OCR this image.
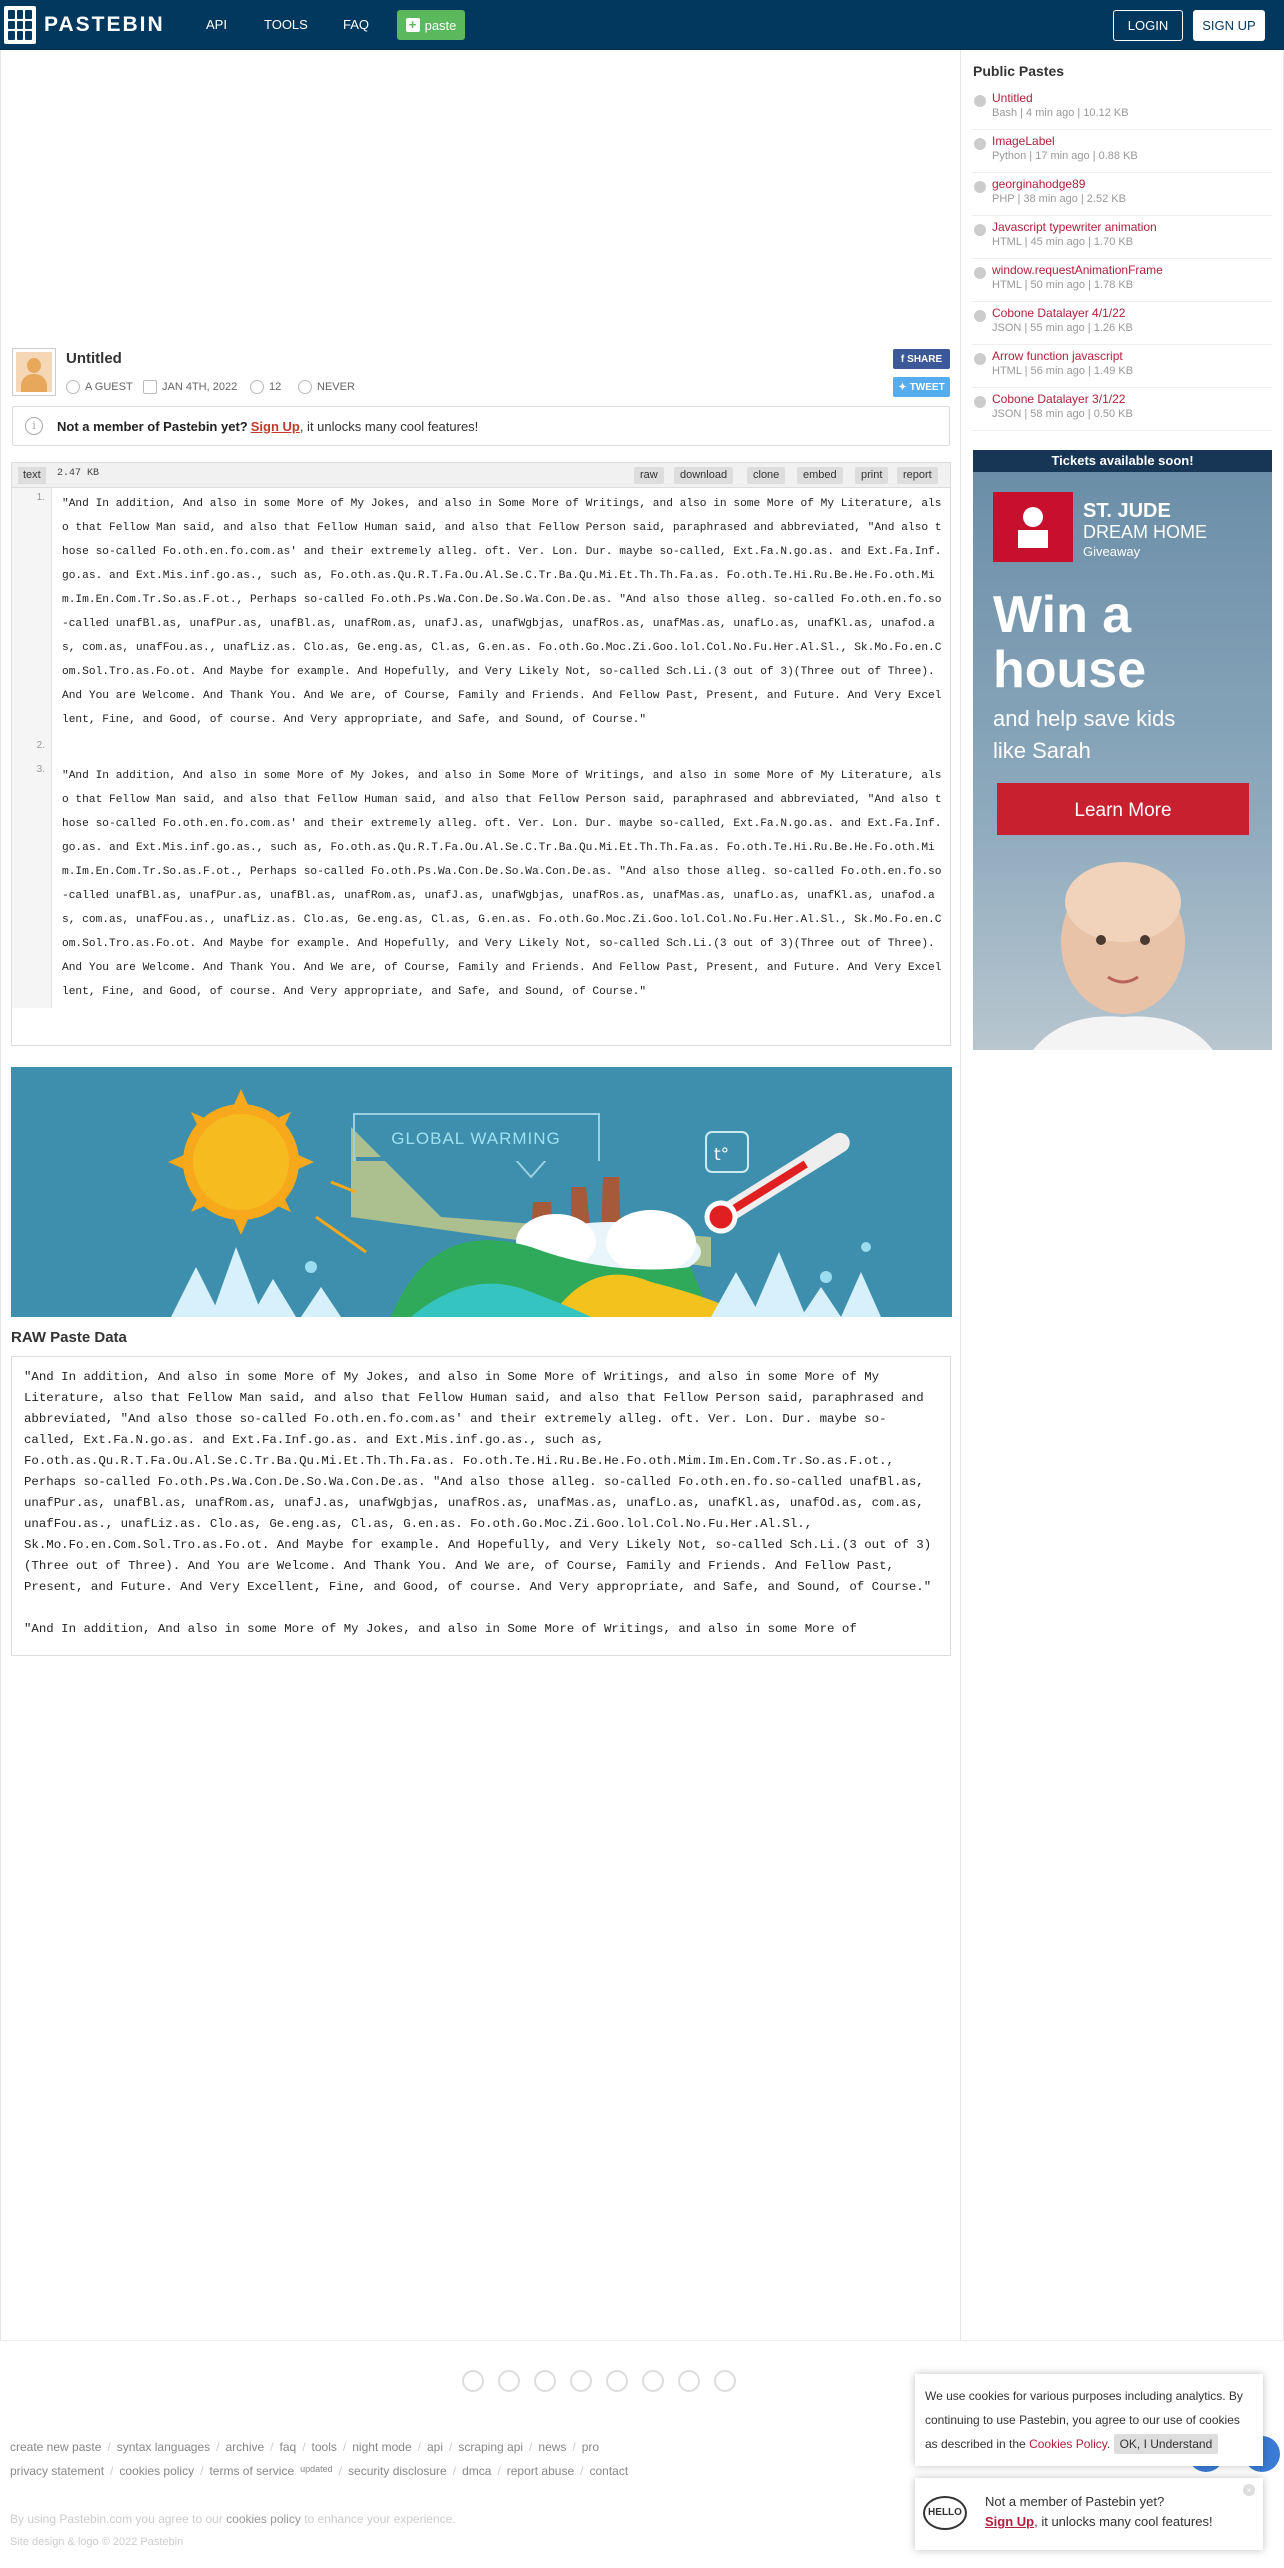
PASTEBIN	API	TOOLS	FAQ	+ paste	LOGIN	SIGN UP
Untitled
A GUEST	JAN 4TH, 2022	12	NEVER
f SHARE
✦ TWEET
i	Not a member of Pastebin yet? Sign Up , it unlocks many cool features!
text	2.47 KB	raw	download	clone	embed	print	report
1.
"And In addition, And also in some More of My Jokes, and also in Some More of Writings, and also in some More of My Literature, also that Fellow Man said, and also that Fellow Human said, and also that Fellow Person said, paraphrased and abbreviated, "And also those so-called Fo.oth.en.fo.com.as' and their extremely alleg. oft. Ver. Lon. Dur. maybe so-called, Ext.Fa.N.go.as. and Ext.Fa.Inf.go.as. and Ext.Mis.inf.go.as., such as, Fo.oth.as.Qu.R.T.Fa.Ou.Al.Se.C.Tr.Ba.Qu.Mi.Et.Th.Th.Fa.as. Fo.oth.Te.Hi.Ru.Be.He.Fo.oth.Mim.Im.En.Com.Tr.So.as.F.ot., Perhaps so-called Fo.oth.Ps.Wa.Con.De.So.Wa.Con.De.as. "And also those alleg. so-called Fo.oth.en.fo.so-called unafBl.as, unafPur.as, unafBl.as, unafRom.as, unafJ.as, unafWgbjas, unafRos.as, unafMas.as, unafLo.as, unafKl.as, unafod.as, com.as, unafFou.as., unafLiz.as. Clo.as, Ge.eng.as, Cl.as, G.en.as. Fo.oth.Go.Moc.Zi.Goo.lol.Col.No.Fu.Her.Al.Sl., Sk.Mo.Fo.en.Com.Sol.Tro.as.Fo.ot. And Maybe for example. And Hopefully, and Very Likely Not, so-called Sch.Li.(3 out of 3)(Three out of Three). And You are Welcome. And Thank You. And We are, of Course, Family and Friends. And Fellow Past, Present, and Future. And Very Excellent, Fine, and Good, of course. And Very appropriate, and Safe, and Sound, of Course."
2.
3.
"And In addition, And also in some More of My Jokes, and also in Some More of Writings, and also in some More of My Literature, also that Fellow Man said, and also that Fellow Human said, and also that Fellow Person said, paraphrased and abbreviated, "And also those so-called Fo.oth.en.fo.com.as' and their extremely alleg. oft. Ver. Lon. Dur. maybe so-called, Ext.Fa.N.go.as. and Ext.Fa.Inf.go.as. and Ext.Mis.inf.go.as., such as, Fo.oth.as.Qu.R.T.Fa.Ou.Al.Se.C.Tr.Ba.Qu.Mi.Et.Th.Th.Fa.as. Fo.oth.Te.Hi.Ru.Be.He.Fo.oth.Mim.Im.En.Com.Tr.So.as.F.ot., Perhaps so-called Fo.oth.Ps.Wa.Con.De.So.Wa.Con.De.as. "And also those alleg. so-called Fo.oth.en.fo.so-called unafBl.as, unafPur.as, unafBl.as, unafRom.as, unafJ.as, unafWgbjas, unafRos.as, unafMas.as, unafLo.as, unafKl.as, unafod.as, com.as, unafFou.as., unafLiz.as. Clo.as, Ge.eng.as, Cl.as, G.en.as. Fo.oth.Go.Moc.Zi.Goo.lol.Col.No.Fu.Her.Al.Sl., Sk.Mo.Fo.en.Com.Sol.Tro.as.Fo.ot. And Maybe for example. And Hopefully, and Very Likely Not, so-called Sch.Li.(3 out of 3)(Three out of Three). And You are Welcome. And Thank You. And We are, of Course, Family and Friends. And Fellow Past, Present, and Future. And Very Excellent, Fine, and Good, of course. And Very appropriate, and Safe, and Sound, of Course."
GLOBAL WARMING
t°
RAW Paste Data

"And In addition, And also in some More of My Jokes, and also in Some More of Writings, and also in some More of My Literature, also that Fellow Man said, and also that Fellow Human said, and also that Fellow Person said, paraphrased and abbreviated, "And also those so-called Fo.oth.en.fo.com.as' and their extremely alleg. oft. Ver. Lon. Dur. maybe so-called, Ext.Fa.N.go.as. and Ext.Fa.Inf.go.as. and Ext.Mis.inf.go.as., such as, Fo.oth.as.Qu.R.T.Fa.Ou.Al.Se.C.Tr.Ba.Qu.Mi.Et.Th.Th.Fa.as. Fo.oth.Te.Hi.Ru.Be.He.Fo.oth.Mim.Im.En.Com.Tr.So.as.F.ot., Perhaps so-called Fo.oth.Ps.Wa.Con.De.So.Wa.Con.De.as. "And also those alleg. so-called Fo.oth.en.fo.so-called unafBl.as, unafPur.as, unafBl.as, unafRom.as, unafJ.as, unafWgbjas, unafRos.as, unafMas.as, unafLo.as, unafKl.as, unafOd.as, com.as, unafFou.as., unafLiz.as. Clo.as, Ge.eng.as, Cl.as, G.en.as. Fo.oth.Go.Moc.Zi.Goo.lol.Col.No.Fu.Her.Al.Sl., Sk.Mo.Fo.en.Com.Sol.Tro.as.Fo.ot. And Maybe for example. And Hopefully, and Very Likely Not, so-called Sch.Li.(3 out of 3)(Three out of Three). And You are Welcome. And Thank You. And We are, of Course, Family and Friends. And Fellow Past, Present, and Future. And Very Excellent, Fine, and Good, of course. And Very appropriate, and Safe, and Sound, of Course."

"And In addition, And also in some More of My Jokes, and also in Some More of Writings, and also in some More of

Public Pastes
Tickets available soon!
ST. JUDE
DREAM HOME
Giveaway
Win a
house
and help save kids
like Sarah
Learn More
create new paste / syntax languages / archive / faq / tools / night mode / api / scraping api / news / pro
privacy statement / cookies policy / terms of service updated / security disclosure / dmca / report abuse / contact
By using Pastebin.com you agree to our cookies policy to enhance your experience.
Site design & logo © 2022 Pastebin
We use cookies for various purposes including analytics. By continuing to use Pastebin, you agree to our use of cookies as described in the Cookies Policy. OK, I Understand
HELLO
Not a member of Pastebin yet?
Sign Up, it unlocks many cool features!
×
Untitled
Bash | 4 min ago | 10.12 KB
ImageLabel
Python | 17 min ago | 0.88 KB
georginahodge89
PHP | 38 min ago | 2.52 KB
Javascript typewriter animation
HTML | 45 min ago | 1.70 KB
window.requestAnimationFrame
HTML | 50 min ago | 1.78 KB
Cobone Datalayer 4/1/22
JSON | 55 min ago | 1.26 KB
Arrow function javascript
HTML | 56 min ago | 1.49 KB
Cobone Datalayer 3/1/22
JSON | 58 min ago | 0.50 KB
